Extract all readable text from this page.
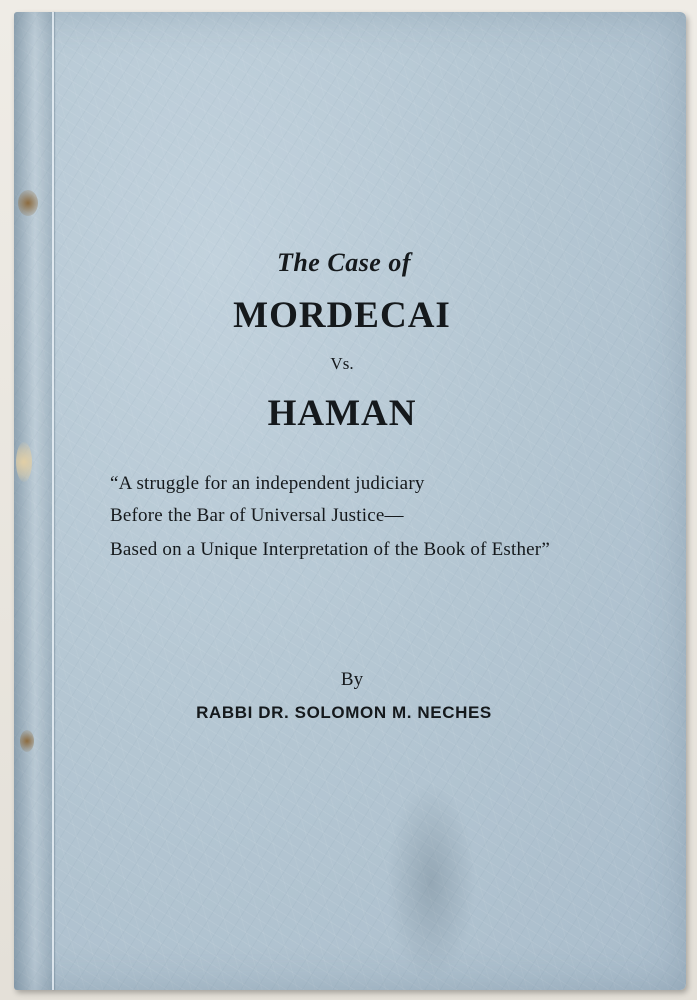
The Case of

MORDECAI

Vs.

HAMAN

“A struggle for an independent judiciary

Before the Bar of Universal Justice—

Based on a Unique Interpretation of the Book of Esther”

By

RABBI DR. SOLOMON M. NECHES
